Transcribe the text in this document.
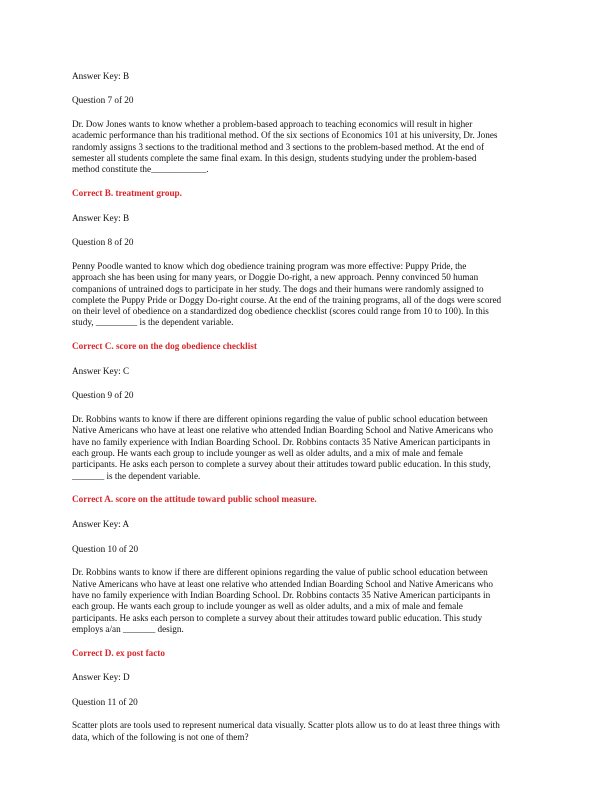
Answer Key: B
Question 7 of 20
Dr. Dow Jones wants to know whether a problem-based approach to teaching economics will result in higher
academic performance than his traditional method. Of the six sections of Economics 101 at his university, Dr. Jones
randomly assigns 3 sections to the traditional method and 3 sections to the problem-based method. At the end of
semester all students complete the same final exam. In this design, students studying under the problem-based
method constitute the____________.
Correct B. treatment group.
Answer Key: B
Question 8 of 20
Penny Poodle wanted to know which dog obedience training program was more effective: Puppy Pride, the
approach she has been using for many years, or Doggie Do-right, a new approach. Penny convinced 50 human
companions of untrained dogs to participate in her study. The dogs and their humans were randomly assigned to
complete the Puppy Pride or Doggy Do-right course. At the end of the training programs, all of the dogs were scored
on their level of obedience on a standardized dog obedience checklist (scores could range from 10 to 100). In this
study, _________ is the dependent variable.
Correct C. score on the dog obedience checklist
Answer Key: C
Question 9 of 20
Dr. Robbins wants to know if there are different opinions regarding the value of public school education between
Native Americans who have at least one relative who attended Indian Boarding School and Native Americans who
have no family experience with Indian Boarding School. Dr. Robbins contacts 35 Native American participants in
each group. He wants each group to include younger as well as older adults, and a mix of male and female
participants. He asks each person to complete a survey about their attitudes toward public education. In this study,
_______ is the dependent variable.
Correct A. score on the attitude toward public school measure.
Answer Key: A
Question 10 of 20
Dr. Robbins wants to know if there are different opinions regarding the value of public school education between
Native Americans who have at least one relative who attended Indian Boarding School and Native Americans who
have no family experience with Indian Boarding School. Dr. Robbins contacts 35 Native American participants in
each group. He wants each group to include younger as well as older adults, and a mix of male and female
participants. He asks each person to complete a survey about their attitudes toward public education. This study
employs a/an _______ design.
Correct D. ex post facto
Answer Key: D
Question 11 of 20
Scatter plots are tools used to represent numerical data visually. Scatter plots allow us to do at least three things with
data, which of the following is not one of them?
